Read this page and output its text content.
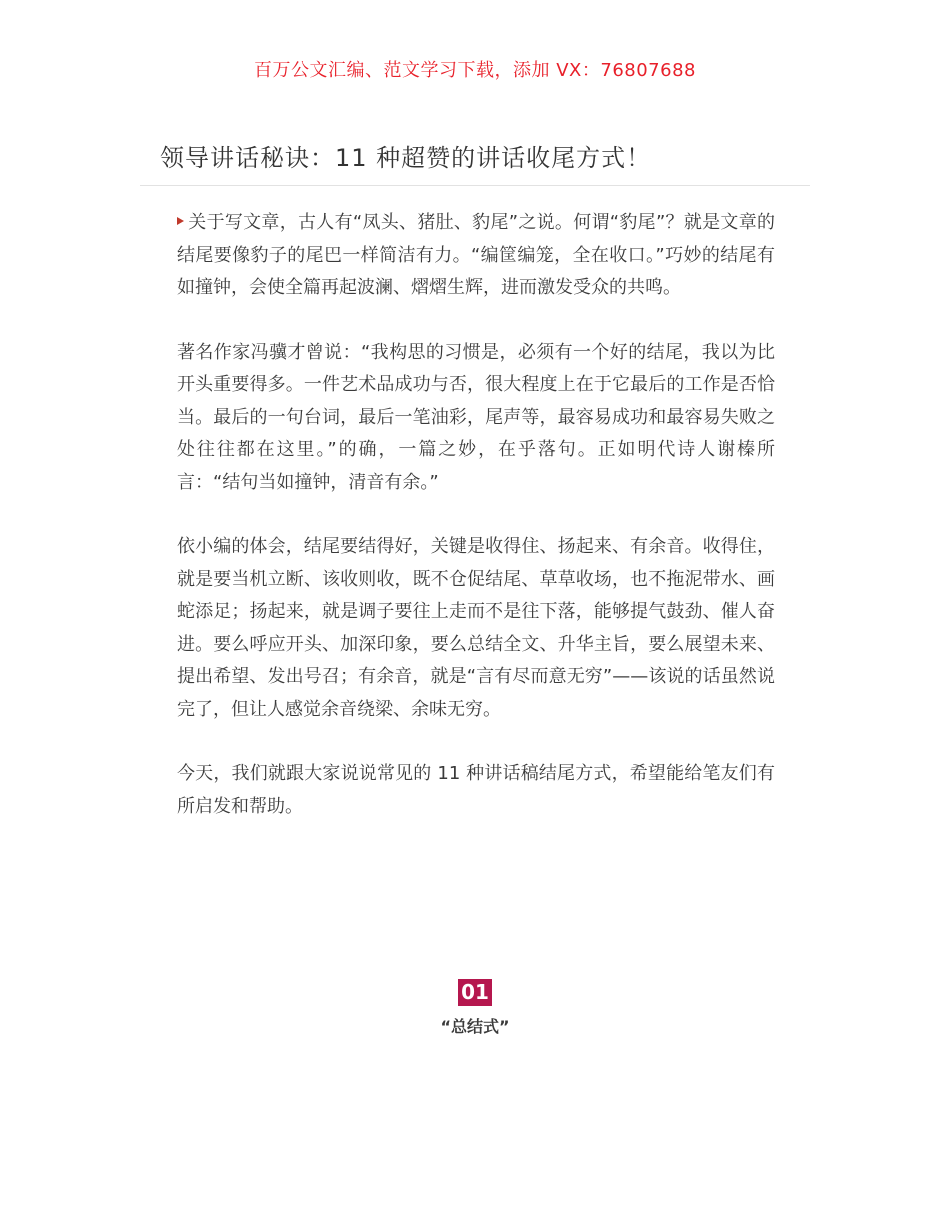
百万公文汇编、范文学习下载，添加 VX：76807688
领导讲话秘诀：11 种超赞的讲话收尾方式！

关于写文章，古人有“凤头、猪肚、豹尾”之说。何谓“豹尾”？就是文章的结尾要像豹子的尾巴一样简洁有力。“编筐编笼，全在收口。”巧妙的结尾有如撞钟，会使全篇再起波澜、熠熠生辉，进而激发受众的共鸣。

著名作家冯骥才曾说：“我构思的习惯是，必须有一个好的结尾，我以为比开头重要得多。一件艺术品成功与否，很大程度上在于它最后的工作是否恰当。最后的一句台词，最后一笔油彩，尾声等，最容易成功和最容易失败之处往往都在这里。”的确，一篇之妙，在乎落句。正如明代诗人谢榛所言：“结句当如撞钟，清音有余。”

依小编的体会，结尾要结得好，关键是收得住、扬起来、有余音。收得住，就是要当机立断、该收则收，既不仓促结尾、草草收场，也不拖泥带水、画蛇添足；扬起来，就是调子要往上走而不是往下落，能够提气鼓劲、催人奋进。要么呼应开头、加深印象，要么总结全文、升华主旨，要么展望未来、提出希望、发出号召；有余音，就是“言有尽而意无穷”——该说的话虽然说完了，但让人感觉余音绕梁、余味无穷。

今天，我们就跟大家说说常见的 11 种讲话稿结尾方式，希望能给笔友们有所启发和帮助。

01
“总结式”
